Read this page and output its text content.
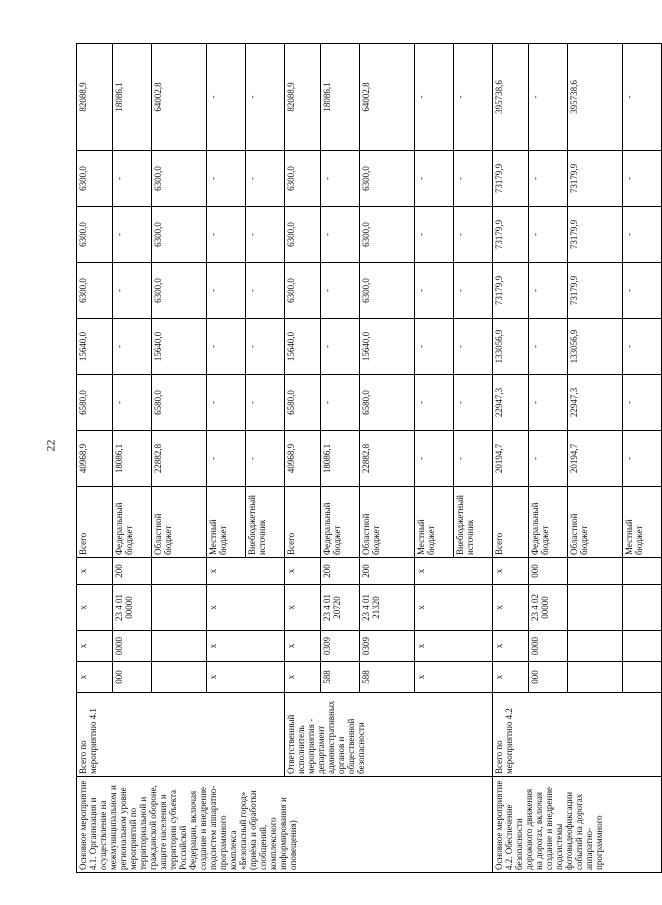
22
Основное мероприятие 4.1. Организация и осуществление на межмуниципальном и региональном уровне мероприятий по территориальной и гражданской обороне, защите населения и территории субъекта Российской Федерации, включая создание и внедрение подсистем аппаратно-программного комплекса «Безопасный город» (приёма и обработки сообщений, комплексного информирования и оповещения)	Всего по мероприятию 4.1	х	х	х	х	Всего	40968,9	6580,0	15640,0	6300,0	6300,0	6300,0	82088,9
		000	0000	23 4 01 00000	200	Федеральный бюджет	18086,1	-	-	-	-	-	18086,1
						Областной бюджет	22882,8	6580,0	15640,0	6300,0	6300,0	6300,0	64002,8
		х	х	х	х	Местный бюджет	-	-	-	-	-	-	-
						Внебюджетный источник	-	-	-	-	-	-	-
	Ответственный исполнитель мероприятия - департамент административных органов и общественной безопасности	х	х	х	х	Всего	40968,9	6580,0	15640,0	6300,0	6300,0	6300,0	82088,9
		588	0309	23 4 01 20720	200	Федеральный бюджет	18086,1	-	-	-	-	-	18086,1
		588	0309	23 4 01 21320	200	Областной бюджет	22882,8	6580,0	15640,0	6300,0	6300,0	6300,0	64002,8
		х	х	х	х	Местный бюджет	-	-	-	-	-	-	-
						Внебюджетный источник	-	-	-	-	-	-	-
Основное мероприятие 4.2. Обеспечение безопасности дорожного движения на дорогах, включая создание и внедрение подсистемы фотовидеофиксации событий на дорогах аппаратно-программного	Всего по мероприятию 4.2	х	х	х	х	Всего	20194,7	22947,3	133056,9	73179,9	73179,9	73179,9	395738,6
		000	0000	23 4 02 00000	000	Федеральный бюджет	-	-	-	-	-	-	-
						Областной бюджет	20194,7	22947,3	133056,9	73179,9	73179,9	73179,9	395738,6
						Местный бюджет	-	-	-	-	-	-	-
